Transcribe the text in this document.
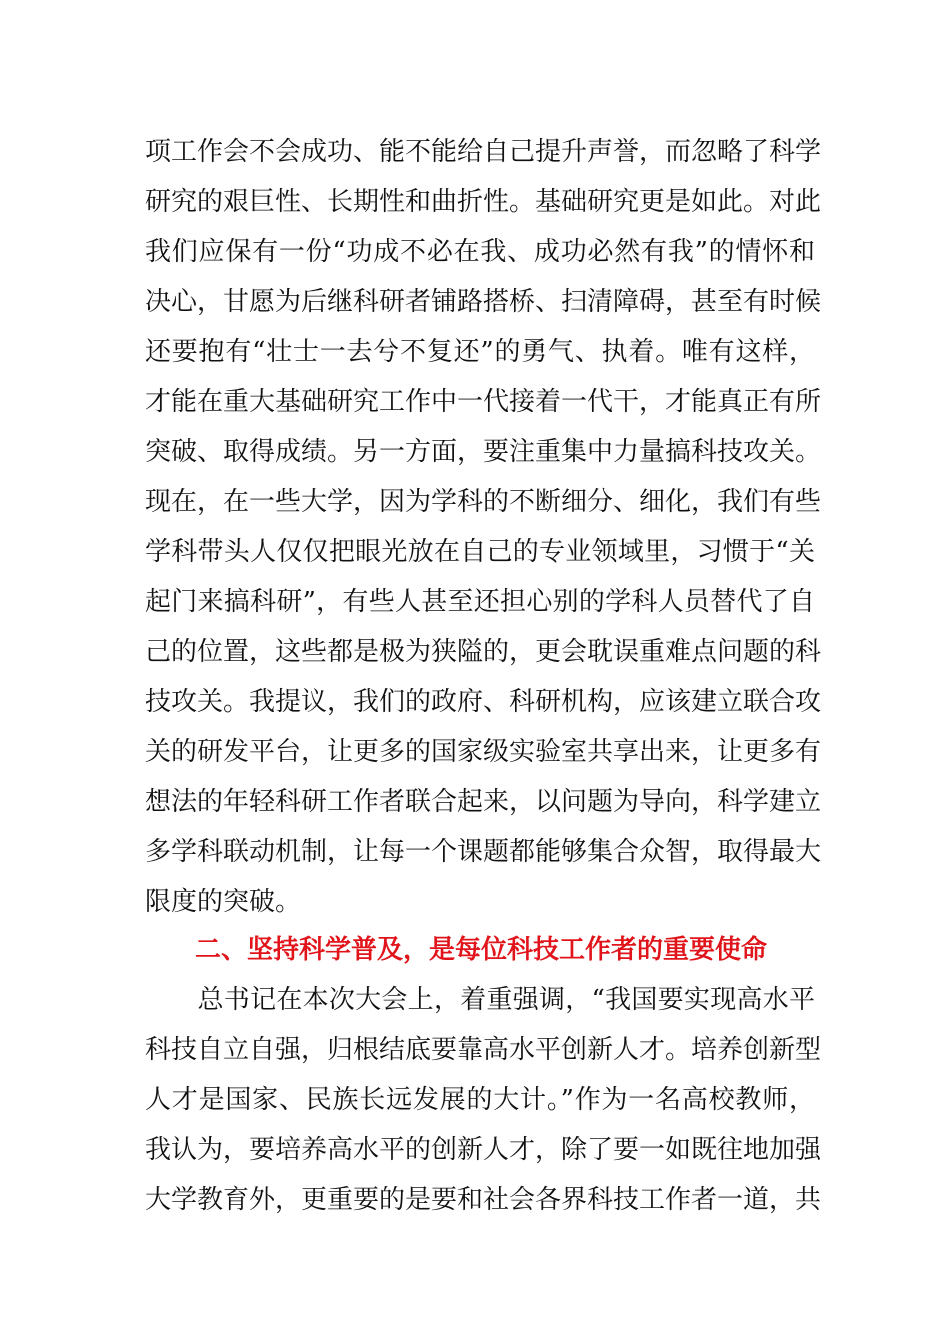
项工作会不会成功、能不能给自己提升声誉，而忽略了科学
研究的艰巨性、长期性和曲折性。基础研究更是如此。对此
我们应保有一份“功成不必在我、成功必然有我”的情怀和
决心，甘愿为后继科研者铺路搭桥、扫清障碍，甚至有时候
还要抱有“壮士一去兮不复还”的勇气、执着。唯有这样，
才能在重大基础研究工作中一代接着一代干，才能真正有所
突破、取得成绩。另一方面，要注重集中力量搞科技攻关。
现在，在一些大学，因为学科的不断细分、细化，我们有些
学科带头人仅仅把眼光放在自己的专业领域里，习惯于“关
起门来搞科研”，有些人甚至还担心别的学科人员替代了自
己的位置，这些都是极为狭隘的，更会耽误重难点问题的科
技攻关。我提议，我们的政府、科研机构，应该建立联合攻
关的研发平台，让更多的国家级实验室共享出来，让更多有
想法的年轻科研工作者联合起来，以问题为导向，科学建立
多学科联动机制，让每一个课题都能够集合众智，取得最大
限度的突破。
二、坚持科学普及，是每位科技工作者的重要使命
　　总书记在本次大会上，着重强调，“我国要实现高水平
科技自立自强，归根结底要靠高水平创新人才。培养创新型
人才是国家、民族长远发展的大计。”作为一名高校教师，
我认为，要培养高水平的创新人才，除了要一如既往地加强
大学教育外，更重要的是要和社会各界科技工作者一道，共
